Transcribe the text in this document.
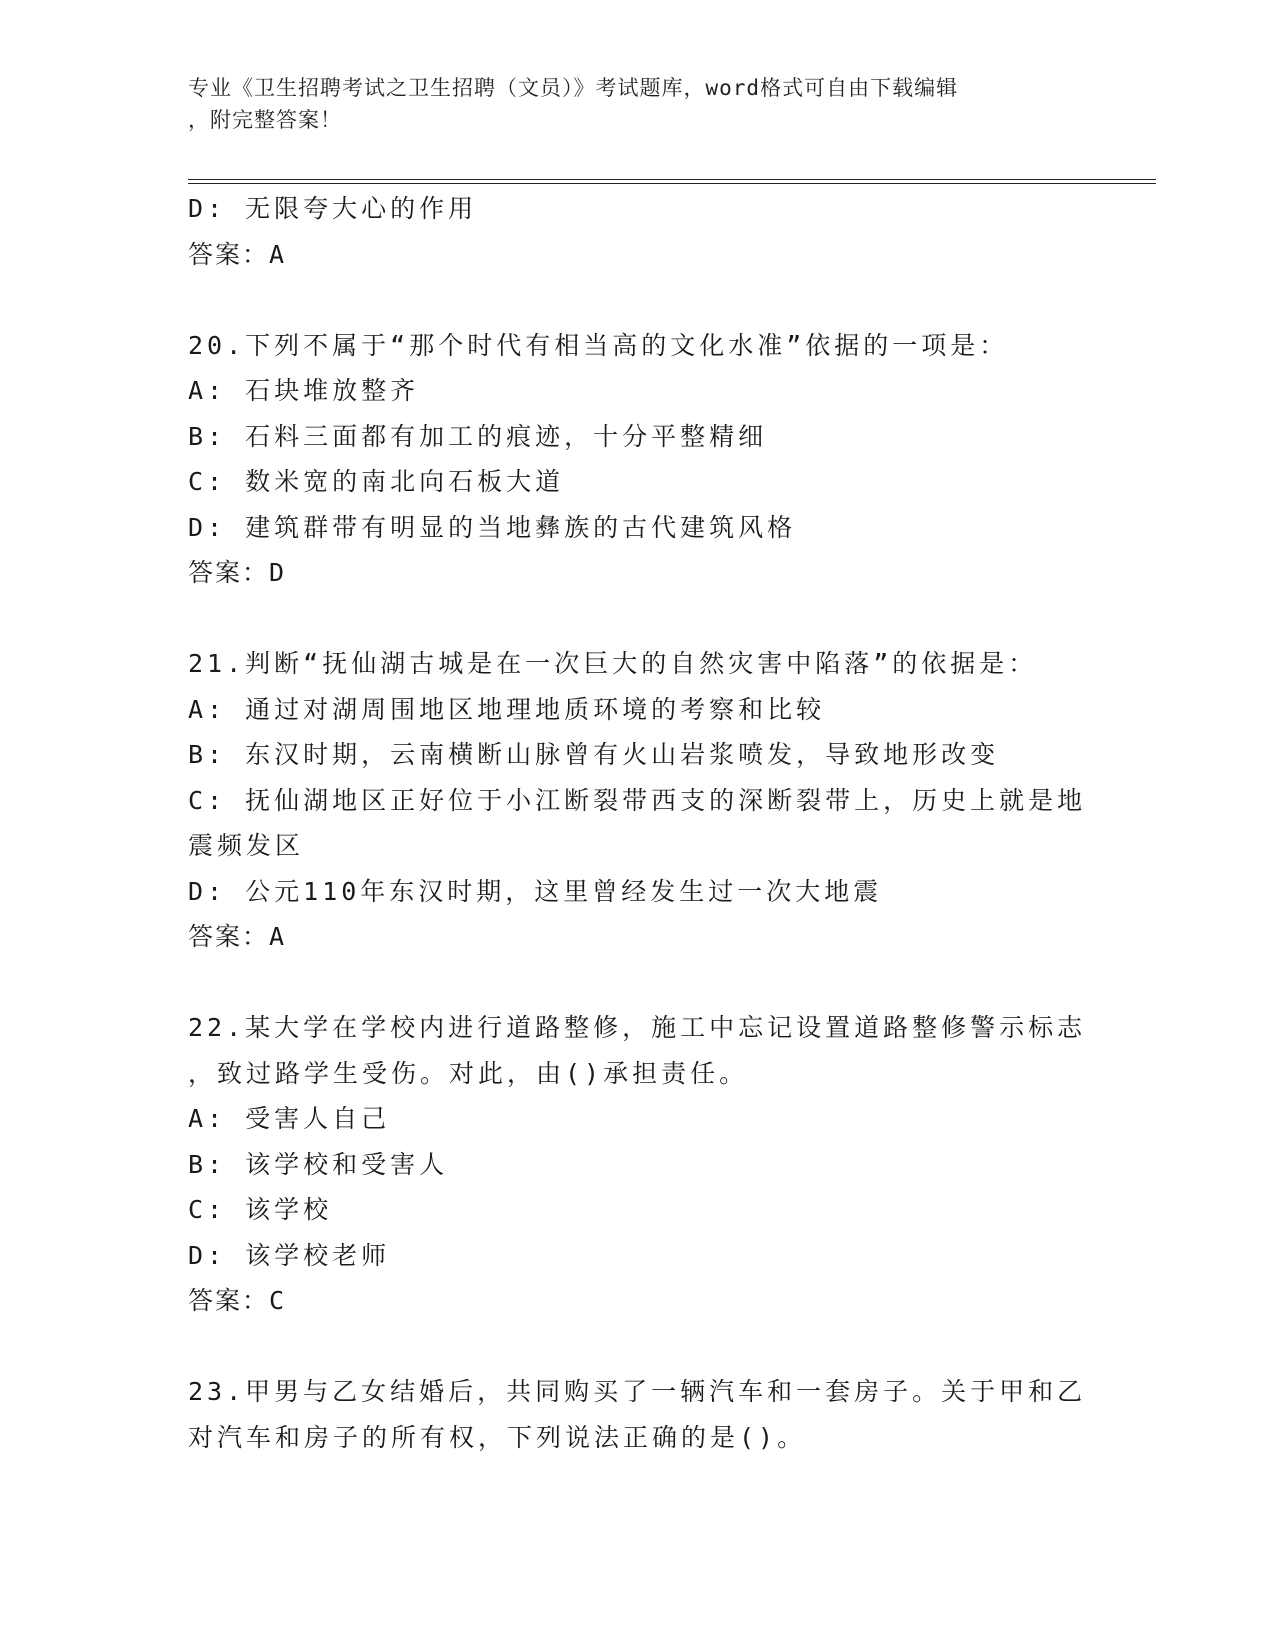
专业《卫生招聘考试之卫生招聘（文员）》考试题库，word格式可自由下载编辑
，附完整答案！
D: 无限夸大心的作用
答案：A
20.下列不属于“那个时代有相当高的文化水准”依据的一项是：
A: 石块堆放整齐
B: 石料三面都有加工的痕迹，十分平整精细
C: 数米宽的南北向石板大道
D: 建筑群带有明显的当地彝族的古代建筑风格
答案：D
21.判断“抚仙湖古城是在一次巨大的自然灾害中陷落”的依据是：
A: 通过对湖周围地区地理地质环境的考察和比较
B: 东汉时期，云南横断山脉曾有火山岩浆喷发，导致地形改变
C: 抚仙湖地区正好位于小江断裂带西支的深断裂带上，历史上就是地
震频发区
D: 公元110年东汉时期，这里曾经发生过一次大地震
答案：A
22.某大学在学校内进行道路整修，施工中忘记设置道路整修警示标志
，致过路学生受伤。对此，由()承担责任。
A: 受害人自己
B: 该学校和受害人
C: 该学校
D: 该学校老师
答案：C
23.甲男与乙女结婚后，共同购买了一辆汽车和一套房子。关于甲和乙
对汽车和房子的所有权，下列说法正确的是()。
